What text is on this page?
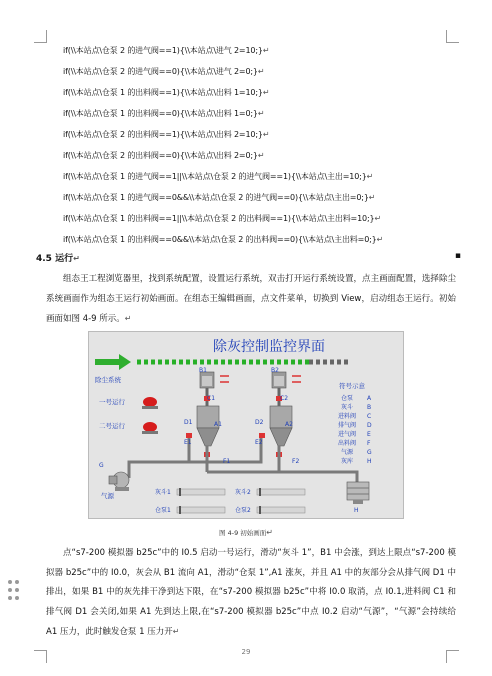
if(\\本站点\仓泵 2 的进气阀==1){\\本站点\进气 2=10;}↵
if(\\本站点\仓泵 2 的进气阀==0){\\本站点\进气 2=0;}↵
if(\\本站点\仓泵 1 的出料阀==1){\\本站点\出料 1=10;}↵
if(\\本站点\仓泵 1 的出料阀==0){\\本站点\出料 1=0;}↵
if(\\本站点\仓泵 2 的出料阀==1){\\本站点\出料 2=10;}↵
if(\\本站点\仓泵 2 的出料阀==0){\\本站点\出料 2=0;}↵
if(\\本站点\仓泵 1 的进气阀==1||\\本站点\仓泵 2 的进气阀==1){\\本站点\主出=10;}↵
if(\\本站点\仓泵 1 的进气阀==0&&\\本站点\仓泵 2 的进气阀==0){\\本站点\主出=0;}↵
if(\\本站点\仓泵 1 的出料阀==1||\\本站点\仓泵 2 的出料阀==1){\\本站点\主出料=10;}↵
if(\\本站点\仓泵 1 的出料阀==0&&\\本站点\仓泵 2 的出料阀==0){\\本站点\主出料=0;}↵
4.5 运行↵	▪
组态王工程浏览器里，找到系统配置，设置运行系统，双击打开运行系统设置，点主画面配置，选择除尘系统画面作为组态王运行初始画面。在组态王编辑画面，点文件菜单，切换到 View，启动组态王运行。初始画面如图 4-9 所示。↵
除灰控制监控界面
除尘系统
一号运行
二号运行
B1	B2
C1	C2
D1	D2
E1	E2
A1	A2
F1	F2
G
H
气源	灰斗1	灰斗2
仓泵1	仓泵2
符号示意
仓泵 A
灰斗 B
进料阀 C
排气阀 D
进气阀 E
出料阀 F
气源 G
灰库 H
图 4-9 初始画面↵
点“s7-200 模拟器 b25c”中的 I0.5 启动一号运行，滑动“灰斗 1”，B1 中会涨，到达上限点“s7-200 模拟器 b25c”中的 I0.0，灰会从 B1 流向 A1，滑动“仓泵 1”,A1 涨灰，并且 A1 中的灰部分会从排气阀 D1 中排出，如果 B1 中的灰先排干净到达下限，在“s7-200 模拟器 b25c”中将 I0.0 取消，点 I0.1,进料阀 C1 和排气阀 D1 会关闭,如果 A1 先到达上限,在“s7-200 模拟器 b25c”中点 I0.2 启动“气源”，“气源”会持续给 A1 压力，此时触发仓泵 1 压力开↵
29
